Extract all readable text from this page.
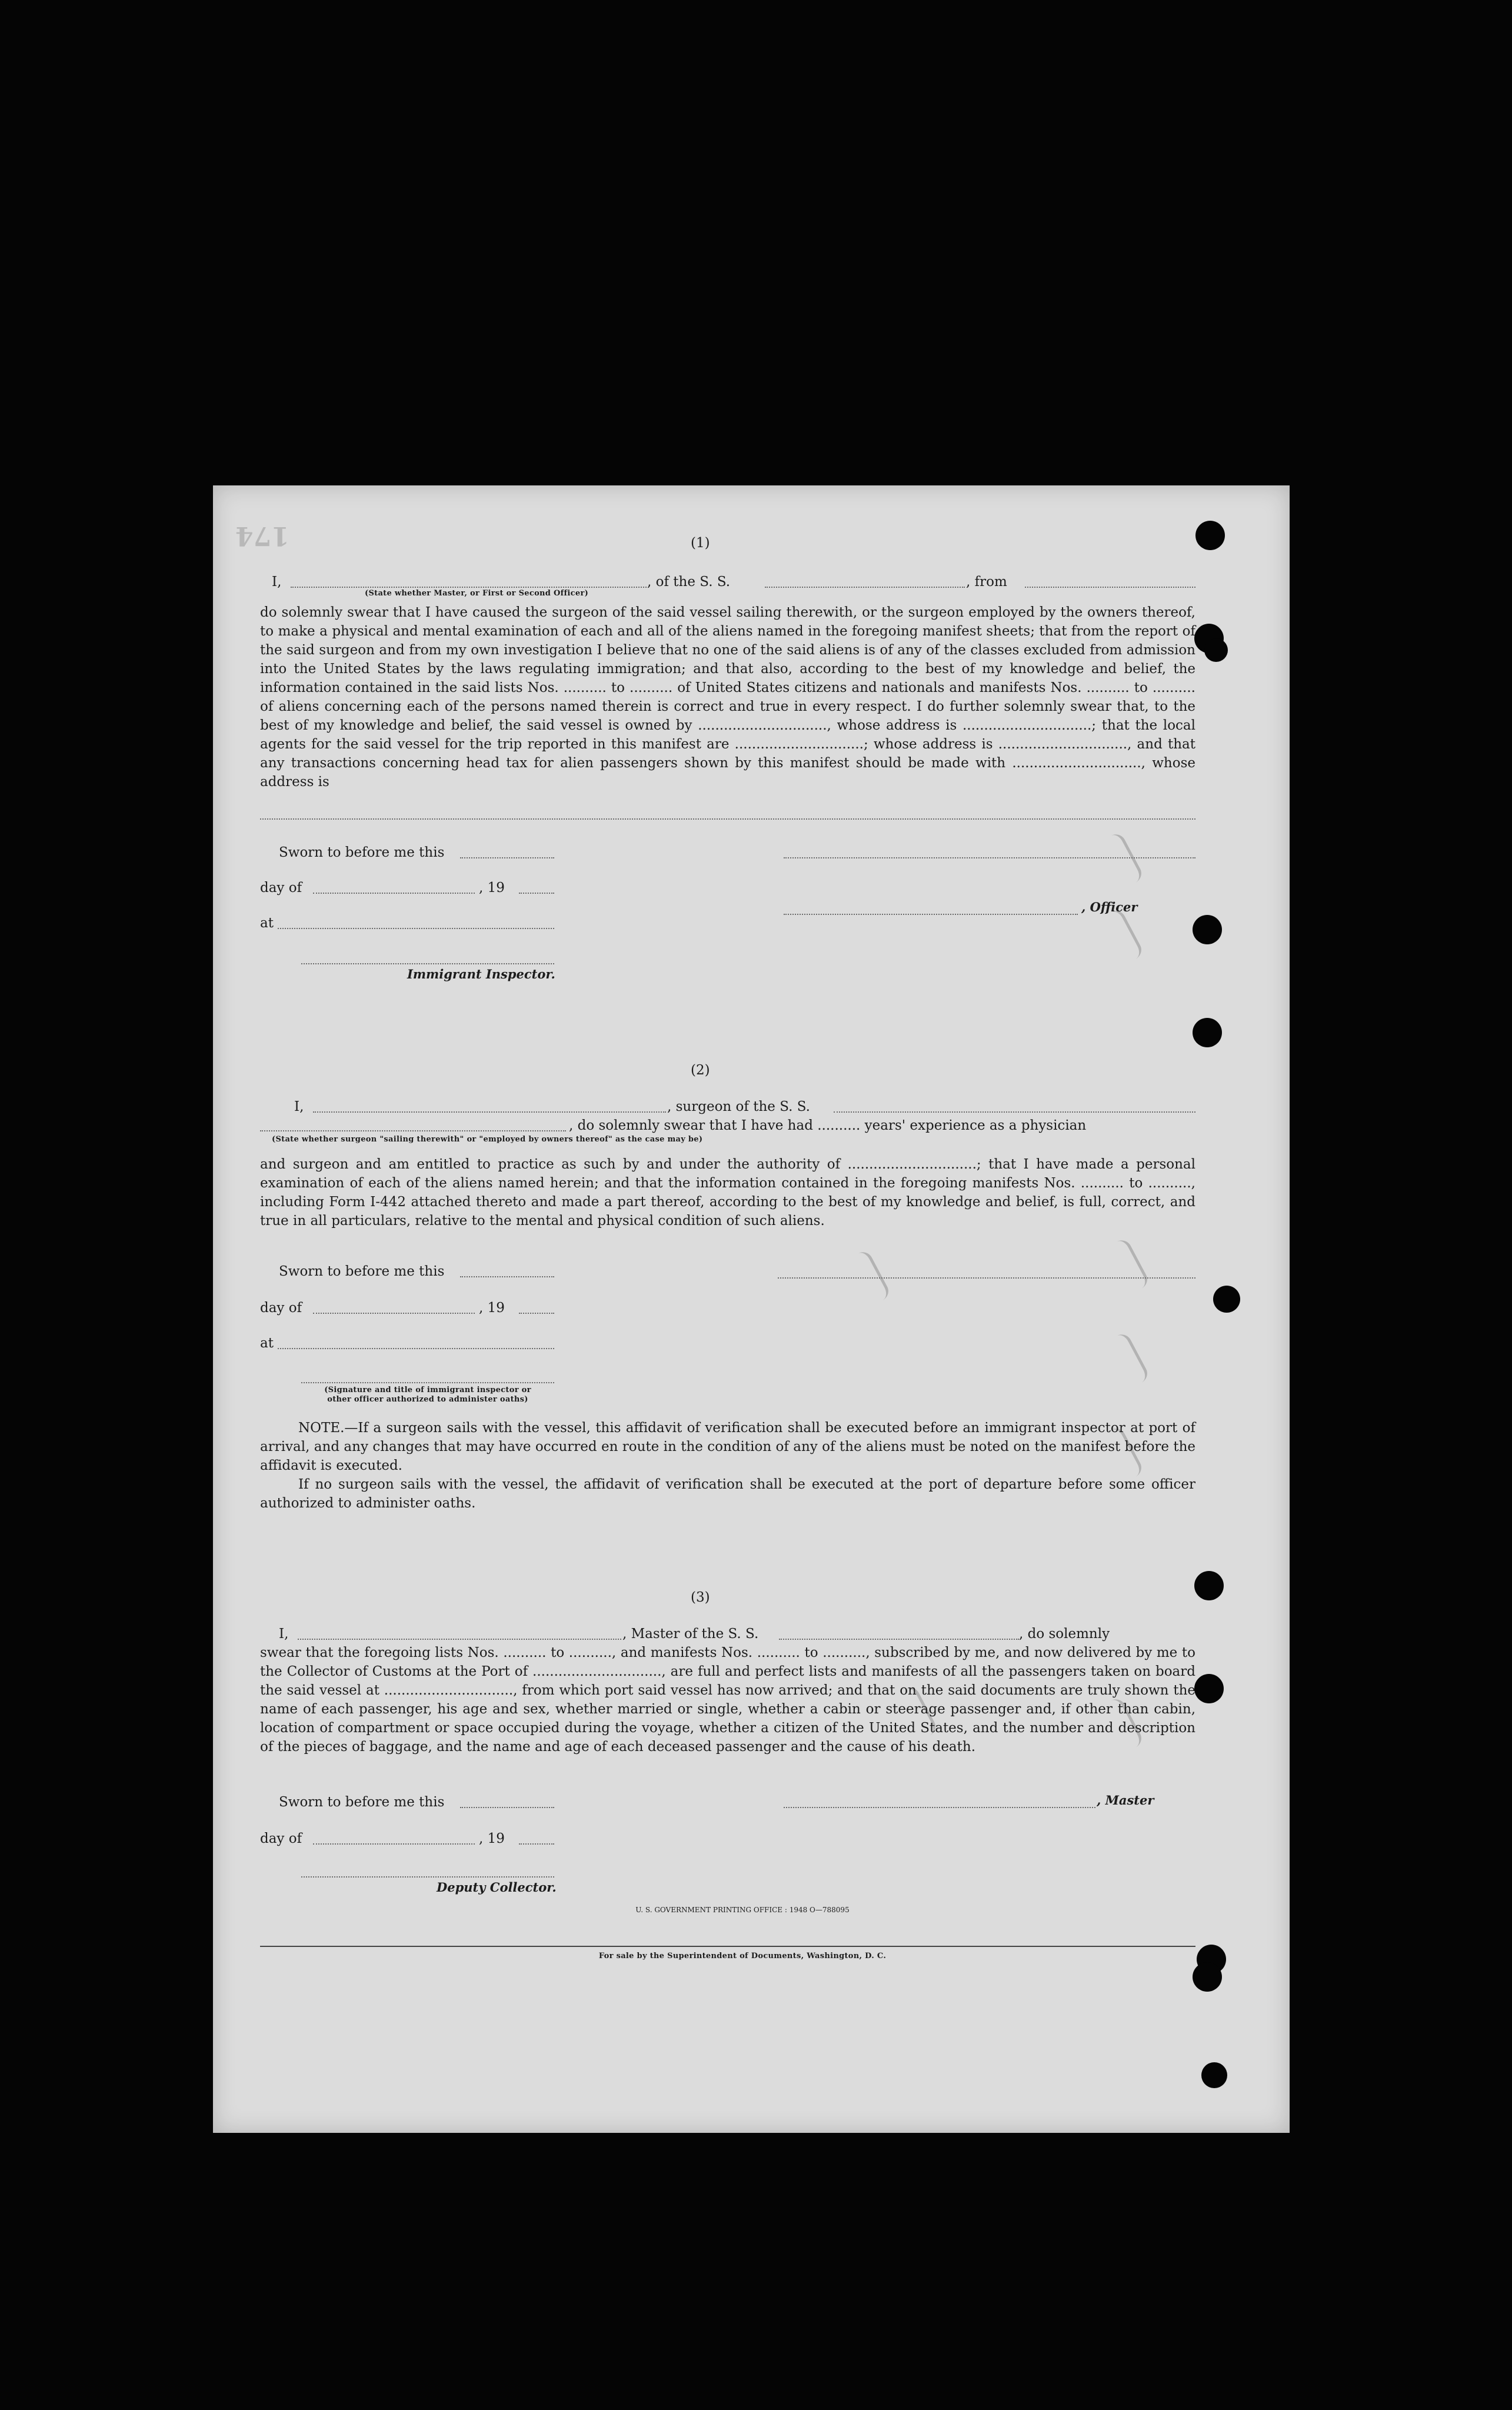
174	(1)
I,	, of the S. S.	, from
(State whether Master, or First or Second Officer)
do solemnly swear that I have caused the surgeon of the said vessel sailing therewith, or the surgeon employed by the owners thereof, to make a physical and mental examination of each and all of the aliens named in the foregoing manifest sheets; that from the report of the said surgeon and from my own investigation I believe that no one of the said aliens is of any of the classes excluded from admission into the United States by the laws regulating immigration; and that also, according to the best of my knowledge and belief, the information contained in the said lists Nos. .......... to .......... of United States citizens and nationals and manifests Nos. .......... to .......... of aliens concerning each of the persons named therein is correct and true in every respect. I do further solemnly swear that, to the best of my knowledge and belief, the said vessel is owned by .............................., whose address is ..............................; that the local agents for the said vessel for the trip reported in this manifest are ..............................; whose address is .............................., and that any transactions concerning head tax for alien passengers shown by this manifest should be made with .............................., whose address is
Sworn to before me this
day of	, 19
, Officer
at
Immigrant Inspector.
(2)
I,	, surgeon of the S. S.
, do solemnly swear that I have had .......... years' experience as a physician
(State whether surgeon "sailing therewith" or "employed by owners thereof" as the case may be)
and surgeon and am entitled to practice as such by and under the authority of ..............................; that I have made a personal examination of each of the aliens named herein; and that the information contained in the foregoing manifests Nos. .......... to .........., including Form I-442 attached thereto and made a part thereof, according to the best of my knowledge and belief, is full, correct, and true in all particulars, relative to the mental and physical condition of such aliens.
Sworn to before me this
day of	, 19
at
(Signature and title of immigrant inspector or
other officer authorized to administer oaths)
NOTE.—If a surgeon sails with the vessel, this affidavit of verification shall be executed before an immigrant inspector at port of arrival, and any changes that may have occurred en route in the condition of any of the aliens must be noted on the manifest before the affidavit is executed.
If no surgeon sails with the vessel, the affidavit of verification shall be executed at the port of departure before some officer authorized to administer oaths.
(3)
I,	, Master of the S. S.	, do solemnly
swear that the foregoing lists Nos. .......... to .........., and manifests Nos. .......... to .........., subscribed by me, and now delivered by me to the Collector of Customs at the Port of .............................., are full and perfect lists and manifests of all the passengers taken on board the said vessel at .............................., from which port said vessel has now arrived; and that on the said documents are truly shown the name of each passenger, his age and sex, whether married or single, whether a cabin or steerage passenger and, if other than cabin, location of compartment or space occupied during the voyage, whether a citizen of the United States, and the number and description of the pieces of baggage, and the name and age of each deceased passenger and the cause of his death.
Sworn to before me this	, Master
day of	, 19
Deputy Collector.
U. S. GOVERNMENT PRINTING OFFICE : 1948 O—788095
For sale by the Superintendent of Documents, Washington, D. C.
